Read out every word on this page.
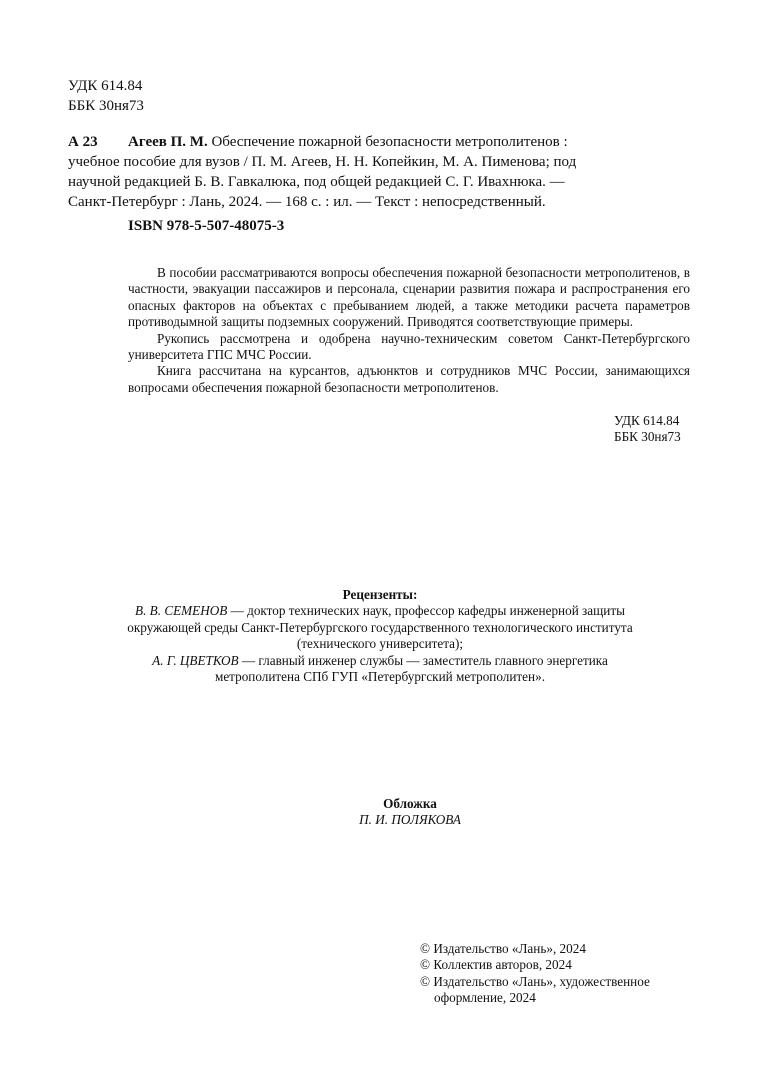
УДК 614.84
ББК 30ня73
А 23 Агеев П. М. Обеспечение пожарной безопасности метрополитенов :
учебное пособие для вузов / П. М. Агеев, Н. Н. Копейкин, М. А. Пименова; под
научной редакцией Б. В. Гавкалюка, под общей редакцией С. Г. Ивахнюка. —
Санкт-Петербург : Лань, 2024. — 168 с. : ил. — Текст : непосредственный.
ISBN 978-5-507-48075-3

В пособии рассматриваются вопросы обеспечения пожарной безопасности метрополитенов, в частности, эвакуации пассажиров и персонала, сценарии развития пожара и распространения его опасных факторов на объектах с пребыванием людей, а также методики расчета параметров противодымной защиты подземных сооружений. Приводятся соответствующие примеры.

Рукопись рассмотрена и одобрена научно-техническим советом Санкт-Петербургского университета ГПС МЧС России.

Книга рассчитана на курсантов, адъюнктов и сотрудников МЧС России, занимающихся вопросами обеспечения пожарной безопасности метрополитенов.

УДК 614.84
ББК 30ня73
Рецензенты:
В. В. СЕМЕНОВ — доктор технических наук, профессор кафедры инженерной защиты окружающей среды Санкт-Петербургского государственного технологического института (технического университета);
А. Г. ЦВЕТКОВ — главный инженер службы — заместитель главного энергетика метрополитена СПб ГУП «Петербургский метрополитен».
Обложка
П. И. ПОЛЯКОВА
© Издательство «Лань», 2024
© Коллектив авторов, 2024
© Издательство «Лань», художественное
оформление, 2024
